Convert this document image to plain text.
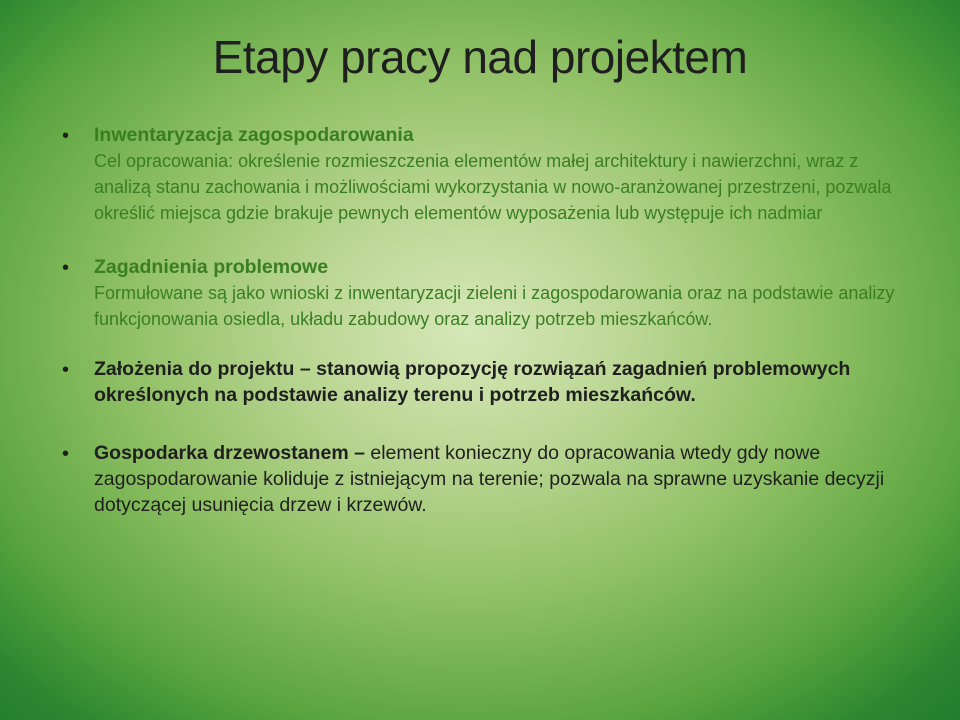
Etapy pracy nad projektem
• Inwentaryzacja zagospodarowania
Cel opracowania: określenie rozmieszczenia elementów małej architektury i nawierzchni, wraz z analizą stanu zachowania i możliwościami wykorzystania w nowo-aranżowanej przestrzeni, pozwala określić miejsca gdzie brakuje pewnych elementów wyposażenia lub występuje ich nadmiar
• Zagadnienia problemowe
Formułowane są jako wnioski z inwentaryzacji zieleni i zagospodarowania oraz na podstawie analizy funkcjonowania osiedla, układu zabudowy oraz analizy potrzeb mieszkańców.
• Założenia do projektu – stanowią propozycję rozwiązań zagadnień problemowych określonych na podstawie analizy terenu i potrzeb mieszkańców.
• Gospodarka drzewostanem – element konieczny do opracowania wtedy gdy nowe zagospodarowanie koliduje z istniejącym na terenie; pozwala na sprawne uzyskanie decyzji dotyczącej usunięcia drzew i krzewów.
